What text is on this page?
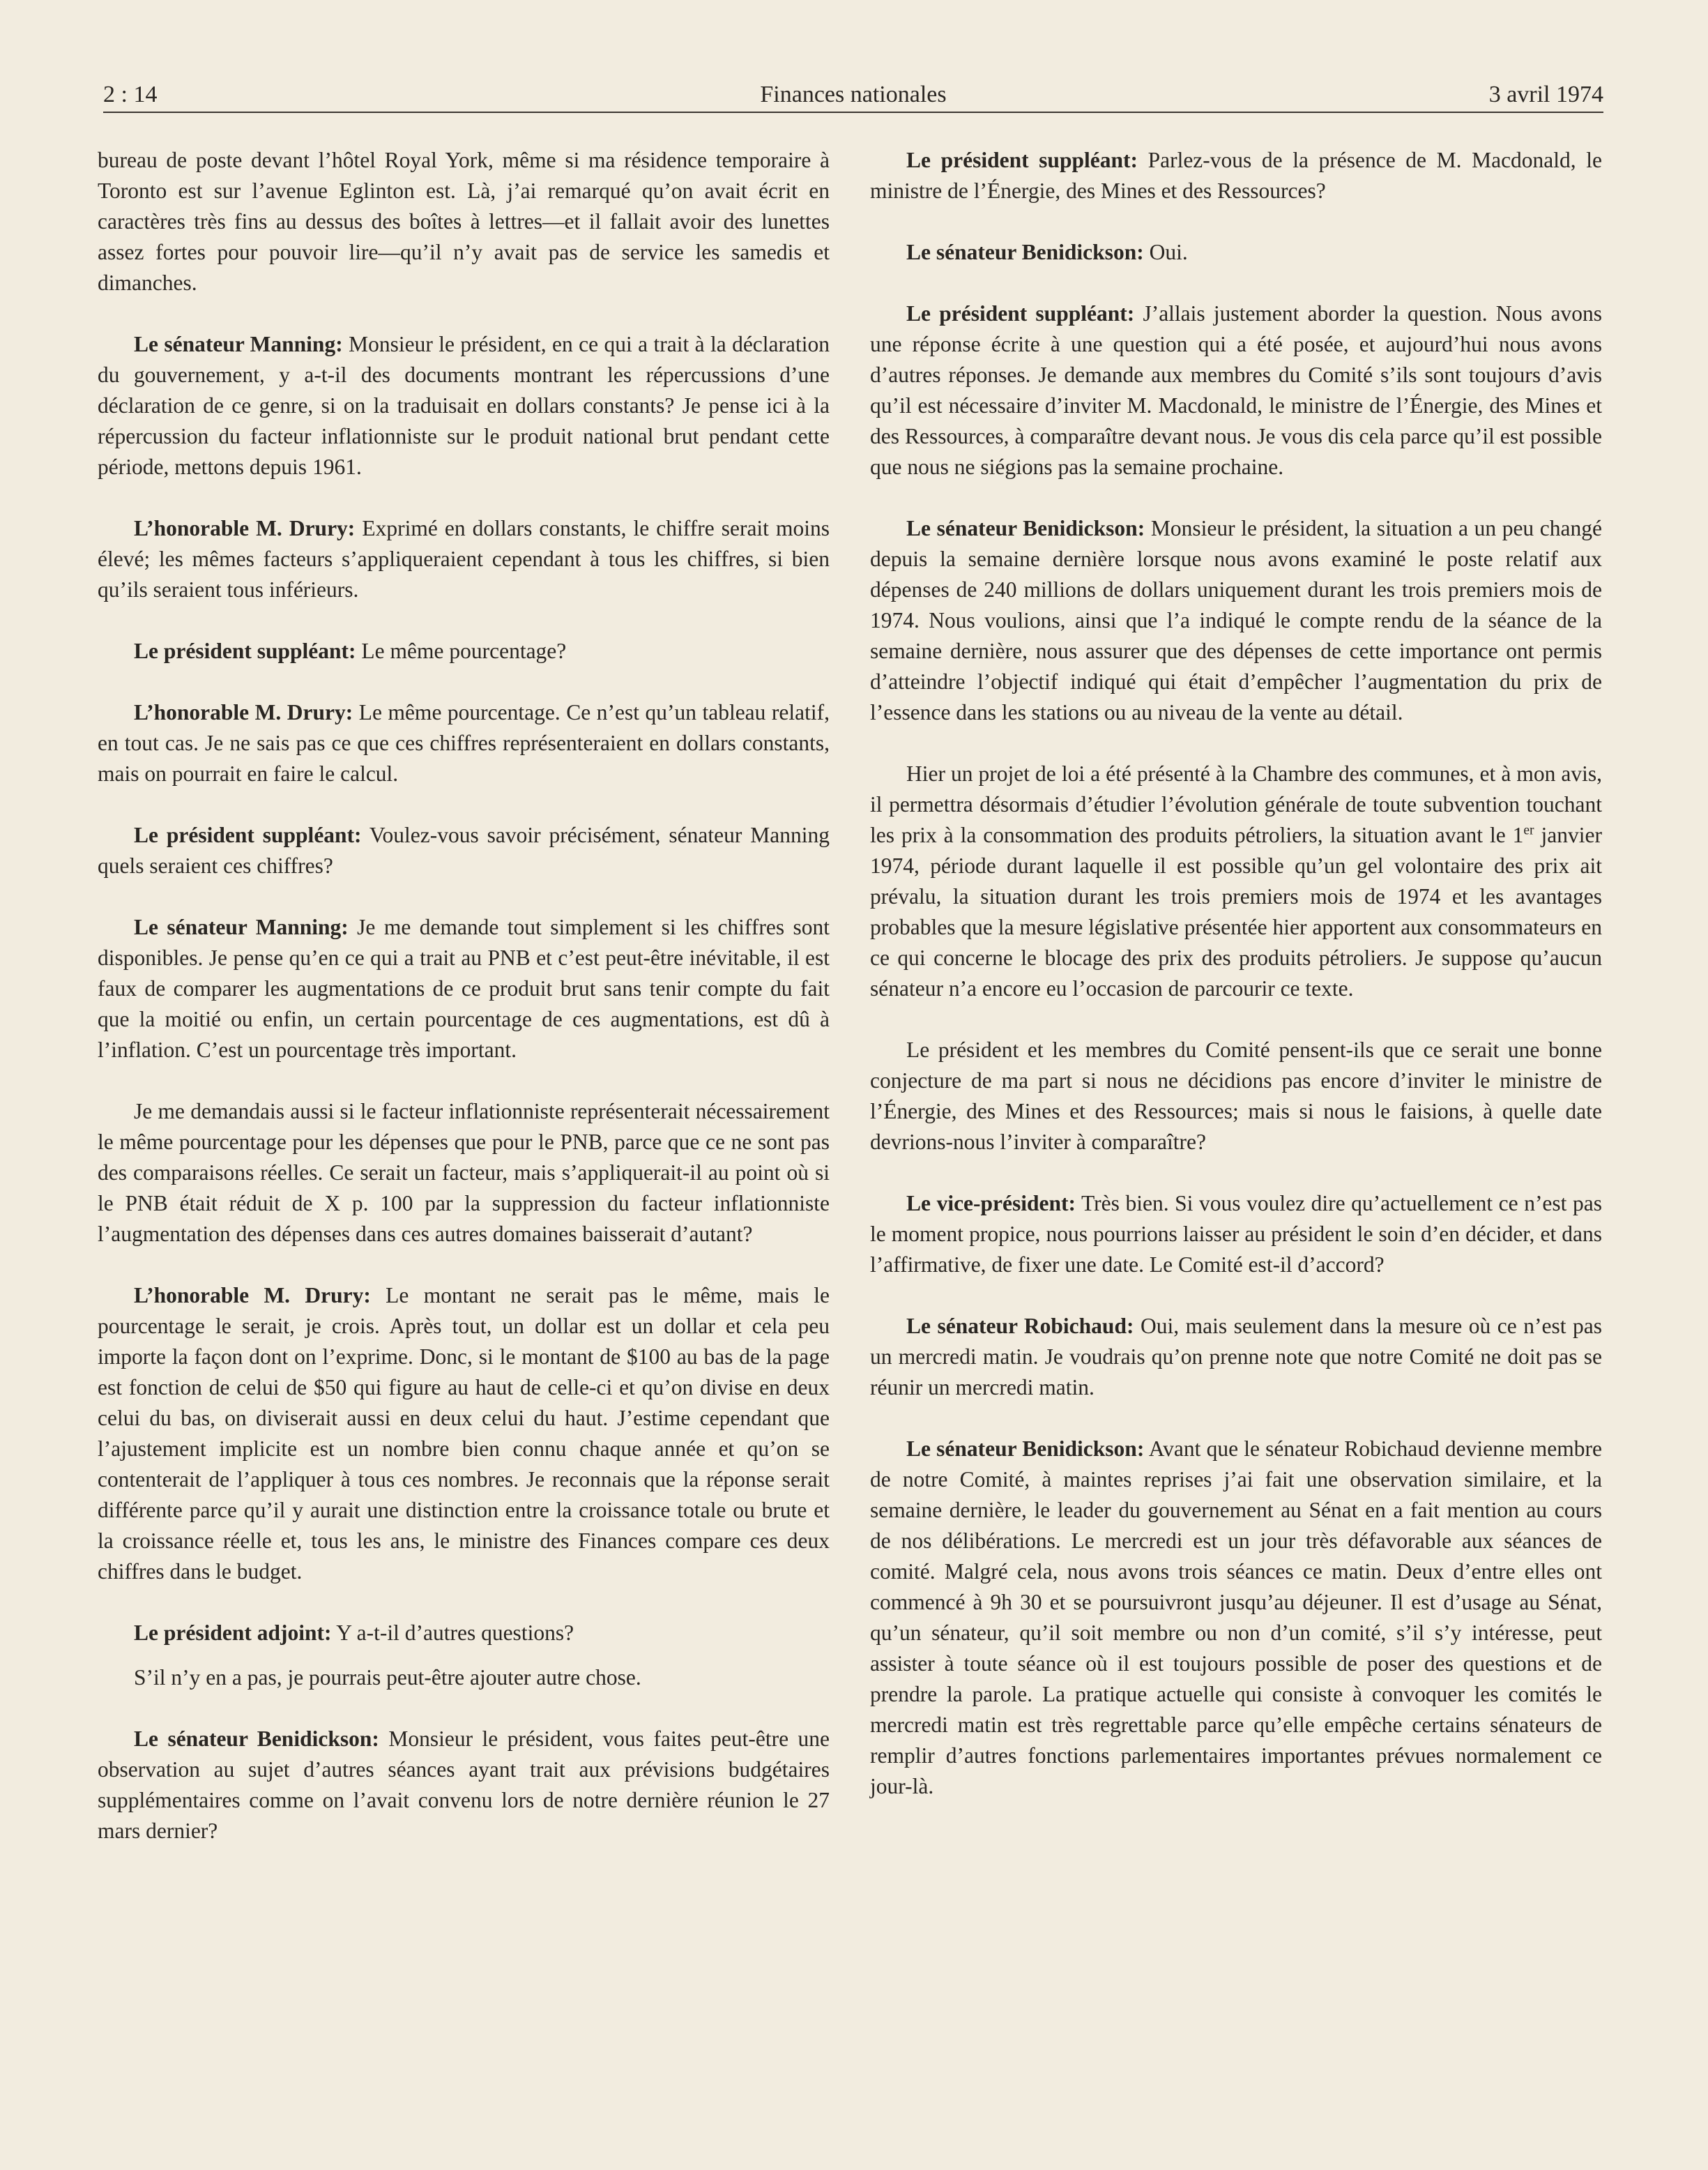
2 : 14	Finances nationales	3 avril 1974

bureau de poste devant l’hôtel Royal York, même si ma résidence temporaire à Toronto est sur l’avenue Eglinton est. Là, j’ai remarqué qu’on avait écrit en caractères très fins au dessus des boîtes à lettres—et il fallait avoir des lunettes assez fortes pour pouvoir lire—qu’il n’y avait pas de service les samedis et dimanches.

Le sénateur Manning: Monsieur le président, en ce qui a trait à la déclaration du gouvernement, y a-t-il des documents montrant les répercussions d’une déclaration de ce genre, si on la traduisait en dollars constants? Je pense ici à la répercussion du facteur inflationniste sur le produit national brut pendant cette période, mettons depuis 1961.

L’honorable M. Drury: Exprimé en dollars constants, le chiffre serait moins élevé; les mêmes facteurs s’appliqueraient cependant à tous les chiffres, si bien qu’ils seraient tous inférieurs.

Le président suppléant: Le même pourcentage?

L’honorable M. Drury: Le même pourcentage. Ce n’est qu’un tableau relatif, en tout cas. Je ne sais pas ce que ces chiffres représenteraient en dollars constants, mais on pourrait en faire le calcul.

Le président suppléant: Voulez-vous savoir précisément, sénateur Manning quels seraient ces chiffres?

Le sénateur Manning: Je me demande tout simplement si les chiffres sont disponibles. Je pense qu’en ce qui a trait au PNB et c’est peut-être inévitable, il est faux de comparer les augmentations de ce produit brut sans tenir compte du fait que la moitié ou enfin, un certain pourcentage de ces augmentations, est dû à l’inflation. C’est un pourcentage très important.

Je me demandais aussi si le facteur inflationniste représenterait nécessairement le même pourcentage pour les dépenses que pour le PNB, parce que ce ne sont pas des comparaisons réelles. Ce serait un facteur, mais s’appliquerait-il au point où si le PNB était réduit de X p. 100 par la suppression du facteur inflationniste l’augmentation des dépenses dans ces autres domaines baisserait d’autant?

L’honorable M. Drury: Le montant ne serait pas le même, mais le pourcentage le serait, je crois. Après tout, un dollar est un dollar et cela peu importe la façon dont on l’exprime. Donc, si le montant de $100 au bas de la page est fonction de celui de $50 qui figure au haut de celle-ci et qu’on divise en deux celui du bas, on diviserait aussi en deux celui du haut. J’estime cependant que l’ajustement implicite est un nombre bien connu chaque année et qu’on se contenterait de l’appliquer à tous ces nombres. Je reconnais que la réponse serait différente parce qu’il y aurait une distinction entre la croissance totale ou brute et la croissance réelle et, tous les ans, le ministre des Finances compare ces deux chiffres dans le budget.

Le président adjoint: Y a-t-il d’autres questions?

S’il n’y en a pas, je pourrais peut-être ajouter autre chose.

Le sénateur Benidickson: Monsieur le président, vous faites peut-être une observation au sujet d’autres séances ayant trait aux prévisions budgétaires supplémentaires comme on l’avait convenu lors de notre dernière réunion le 27 mars dernier?

Le président suppléant: Parlez-vous de la présence de M. Macdonald, le ministre de l’Énergie, des Mines et des Ressources?

Le sénateur Benidickson: Oui.

Le président suppléant: J’allais justement aborder la question. Nous avons une réponse écrite à une question qui a été posée, et aujourd’hui nous avons d’autres réponses. Je demande aux membres du Comité s’ils sont toujours d’avis qu’il est nécessaire d’inviter M. Macdonald, le ministre de l’Énergie, des Mines et des Ressources, à comparaître devant nous. Je vous dis cela parce qu’il est possible que nous ne siégions pas la semaine prochaine.

Le sénateur Benidickson: Monsieur le président, la situation a un peu changé depuis la semaine dernière lorsque nous avons examiné le poste relatif aux dépenses de 240 millions de dollars uniquement durant les trois premiers mois de 1974. Nous voulions, ainsi que l’a indiqué le compte rendu de la séance de la semaine dernière, nous assurer que des dépenses de cette importance ont permis d’atteindre l’objectif indiqué qui était d’empêcher l’augmentation du prix de l’essence dans les stations ou au niveau de la vente au détail.

Hier un projet de loi a été présenté à la Chambre des communes, et à mon avis, il permettra désormais d’étudier l’évolution générale de toute subvention touchant les prix à la consommation des produits pétroliers, la situation avant le 1er janvier 1974, période durant laquelle il est possible qu’un gel volontaire des prix ait prévalu, la situation durant les trois premiers mois de 1974 et les avantages probables que la mesure législative présentée hier apportent aux consommateurs en ce qui concerne le blocage des prix des produits pétroliers. Je suppose qu’aucun sénateur n’a encore eu l’occasion de parcourir ce texte.

Le président et les membres du Comité pensent-ils que ce serait une bonne conjecture de ma part si nous ne décidions pas encore d’inviter le ministre de l’Énergie, des Mines et des Ressources; mais si nous le faisions, à quelle date devrions-nous l’inviter à comparaître?

Le vice-président: Très bien. Si vous voulez dire qu’actuellement ce n’est pas le moment propice, nous pourrions laisser au président le soin d’en décider, et dans l’affirmative, de fixer une date. Le Comité est-il d’accord?

Le sénateur Robichaud: Oui, mais seulement dans la mesure où ce n’est pas un mercredi matin. Je voudrais qu’on prenne note que notre Comité ne doit pas se réunir un mercredi matin.

Le sénateur Benidickson: Avant que le sénateur Robichaud devienne membre de notre Comité, à maintes reprises j’ai fait une observation similaire, et la semaine dernière, le leader du gouvernement au Sénat en a fait mention au cours de nos délibérations. Le mercredi est un jour très défavorable aux séances de comité. Malgré cela, nous avons trois séances ce matin. Deux d’entre elles ont commencé à 9h 30 et se poursuivront jusqu’au déjeuner. Il est d’usage au Sénat, qu’un sénateur, qu’il soit membre ou non d’un comité, s’il s’y intéresse, peut assister à toute séance où il est toujours possible de poser des questions et de prendre la parole. La pratique actuelle qui consiste à convoquer les comités le mercredi matin est très regrettable parce qu’elle empêche certains sénateurs de remplir d’autres fonctions parlementaires importantes prévues normalement ce jour-là.
